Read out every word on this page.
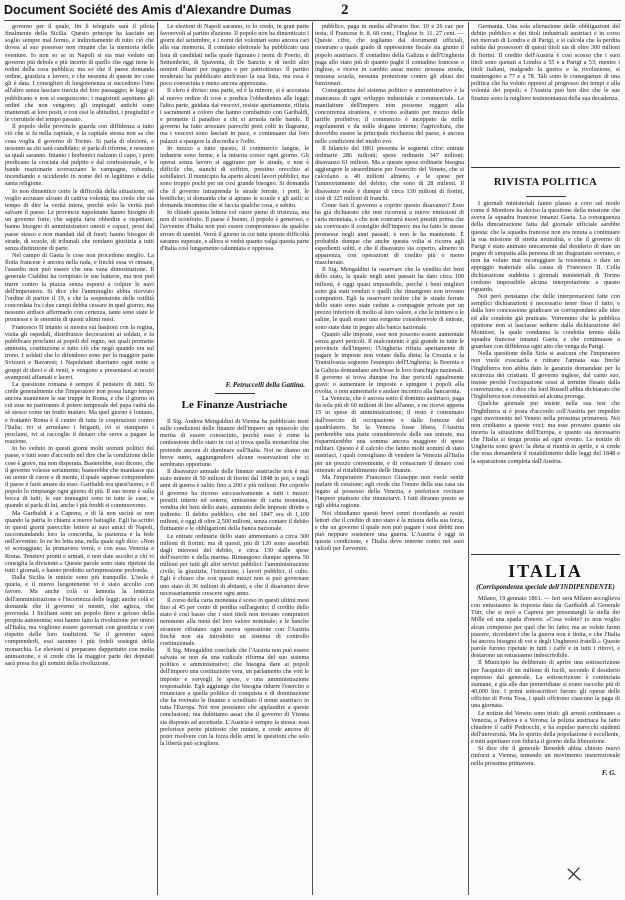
Document Société des Amis d'Alexandre Dumas	2

governo per il quale, fin il telegrafo sarà il pilota finalmente della Sicilia. Questo principe ha lasciato un soglio sempre mal fermo, e indirettamente di tutto ciò che dovea al suo possesso non rimane che la memoria delle sventure. Io non so se in Napoli si sia mai veduto un governo più debole e più incerto di quello che oggi tiene le redini della cosa pubblica; ma so che il paese domanda ordine, giustizia e lavoro, e che nessuna di queste tre cose gli è data. I consiglieri di luogotenenza si succedono l'uno all'altro senza lasciare traccia del loro passaggio; le leggi si pubblicano e non si eseguiscono; i magistrati aspettano gli ordini che non vengono; gli impiegati antichi sono mantenuti ai loro posti, e con essi le abitudini, i pregiudizi e le corruttele del tempo passato.

Il popolo delle provincie guarda con diffidenza a tutto ciò che si fa nella capitale, e la capitale stessa non sa che cosa voglia il governo di Torino. Si parla di elezioni, e nessuno sa chi sarà candidato; si parla di riforme, e nessuno sa quali saranno. Intanto i borbonici rialzano il capo, i preti predicano la crociata dal pulpito e dal confessionale, e le bande reazionarie scorrazzano le campagne, rubando, incendiando e uccidendo in nome del re legittimo e della santa religione.

Io non dimentico certo le difficoltà della situazione, nè voglio accusare alcuno di cattiva volontà; ma credo che sia tempo di dire la verità intera, perchè solo la verità può salvare il paese. Le provincie napoletane hanno bisogno di un governo forte, che sappia farsi obbedire e rispettare; hanno bisogno di amministratori onesti e capaci, presi dal paese stesso e non mandati dal di fuori; hanno bisogno di strade, di scuole, di tribunali che rendano giustizia a tutti senza distinzione di parte.

Nel campo di Gaeta le cose non procedono meglio. La flotta francese è ancora nella rada, e finchè essa vi rimane, l'assedio non può essere che una vana dimostrazione. Il generale Cialdini ha compiuto le sue batterie, ma non può trarre contro la piazza senza esporsi a colpire le navi dell'imperatore. Si dice che l'ammiraglio abbia ricevuto l'ordine di partire il 19, e che la sospensione delle ostilità concordata fra i due campi debba cessare in quel giorno; ma nessuno ardisce affermarlo con certezza, tante sono state le promesse e le smentite di questi ultimi mesi.

Francesco II intanto si mostra sui bastioni con la regina, visita gli ospedali, distribuisce decorazioni ai soldati, e fa pubblicare proclami ai popoli del regno, nei quali promette amnistia, costituzione e tutto ciò che negò quando era sul trono. I soldati che lo difendono sono per la maggior parte Svizzeri e Bavaresi; i Napoletani disertano ogni notte a gruppi di dieci e di venti, e vengono a presentarsi ai nostri avamposti affamati e laceri.

La questione romana è sempre il pensiero di tutti. Si crede generalmente che l'imperatore non possa lungo tempo ancora mantenere le sue truppe in Roma, e che il giorno in cui esse ne partiranno il potere temporale del papa cadrà da sè stesso come un frutto maturo. Ma quel giorno è lontano, e frattanto Roma è il centro di tutte le cospirazioni contro l'Italia; ivi si arruolano i briganti, ivi si stampano i proclami, ivi si raccoglie il denaro che serve a pagare la reazione.

Io ho veduto in questi giorni molti uomini politici del paese, e tutti sono d'accordo nel dire che la condizione delle cose è grave, ma non disperata. Basterebbe, essi dicono, che il governo volesse seriamente; basterebbe che mandasse qui un uomo di cuore e di mente, il quale sapesse comprendere il paese e farsi amare da esso. Garibaldi era quest'uomo, e il popolo lo rimpiange ogni giorno di più. Il suo nome è sulla bocca di tutti; le sue immagini sono in tutte le case; e quando si parla di lui, anche i più freddi si commuovono.

Ma Garibaldi è a Caprera, e di là non uscirà se non quando la patria lo chiami a nuove battaglie. Egli ha scritto in questi giorni parecchie lettere ai suoi amici di Napoli, raccomandando loro la concordia, la pazienza e la fede nell'avvenire. Io ne ho letta una, nella quale egli dice: «Non vi scoraggiate; la primavera verrà, e con essa Venezia e Roma. Tenetevi pronti e armati, e non date ascolto a chi vi consiglia la divisione.» Queste parole sono state ripetute da tutti i giornali, e hanno prodotto un'impressione profonda.

Dalla Sicilia le notizie sono più tranquille. L'isola è quieta, e il nuovo luogotenente vi è stato accolto con favore. Ma anche colà si lamenta la lentezza dell'amministrazione e l'incertezza delle leggi; anche colà si domanda che il governo si mostri, che agisca, che provveda. I Siciliani sono un popolo fiero e geloso della propria autonomia; essi hanno fatto la rivoluzione per unirsi all'Italia, ma vogliono essere governati con giustizia e con rispetto delle loro tradizioni. Se il governo saprà comprenderli, essi saranno i più fedeli sostegni della monarchia. Le elezioni si preparano dappertutto con molta animazione, e si crede che la maggior parte dei deputati sarà presa fra gli uomini della rivoluzione.

Le elezioni di Napoli saranno, io lo credo, in gran parte favorevoli al partito d'azione. Il popolo non ha dimenticato i giorni del settembre, e i nomi dei volontari sono ancora cari alla sua memoria. Il comitato elettorale ha pubblicato una lista di candidati nella quale figurano i nomi di Poerio, di Settembrini, di Spaventa, di De Sanctis e di molti altri uomini illustri per ingegno e per patriottismo. Il partito moderato ha pubblicato anch'esso la sua lista, ma essa è poco conosciuta e meno ancora apprezzata.

Il clero è diviso: una parte, ed è la minore, si è accostata al nuovo ordine di cose e predica l'obbedienza alle leggi; l'altra parte, guidata dai vescovi, resiste apertamente, rifiuta i sacramenti a coloro che hanno combattuto con Garibaldi, e promette il paradiso a chi si arruola nelle bande. Il governo ha fatto arrestare parecchi preti colti in flagrante, ma i vescovi sono lasciati in pace, e continuano dai loro palazzi a spargere la discordia e l'odio.

In mezzo a tutto questo, il commercio langue, le industrie sono ferme, e la miseria cresce ogni giorno. Gli operai senza lavoro si aggirano per le strade, e non è difficile che, stanchi di soffrire, prestino orecchio ai sobillatori. Il municipio ha aperto alcuni lavori pubblici, ma sono troppo pochi per un così grande bisogno. Si domanda che il governo intraprenda le strade ferrate, i porti, le bonifiche; si domanda che si aprano le scuole e gli asili; si domanda insomma che si faccia qualche cosa, e subito.

Io chiudo questa lettera col cuore pieno di tristezza, ma non di sconforto. Il paese è buono, il popolo è generoso, e l'avvenire d'Italia non può essere compromesso da qualche errore di uomini. Verrà il giorno in cui tutte queste difficoltà saranno superate, e allora si vedrà quanto valga questa parte d'Italia così lungamente calunniata e oppressa.

F. Petruccelli della Gattina.
Le Finanze Austriache

Il Sig. Andrea Mengaldini di Vienna ha pubblicato testè sulle condizioni delle finanze dell'impero un opuscolo che merita di essere conosciuto, perchè esso è come la confessione dello stato in cui si trova quella monarchia che pretende ancora di dominare sull'Italia. Noi ne diamo un breve sunto, aggiungendovi alcune osservazioni che ci sembrano opportune.

Il disavanzo annuale delle finanze austriache non è mai stato minore di 50 milioni di fiorini dal 1848 in poi, e negli anni di guerra è salito fino a 200 e più milioni. Per coprirlo il governo ha ricorso successivamente a tutti i mezzi: prestiti interni ed esterni, emissione di carta monetata, vendita dei beni dello stato, aumento delle imposte dirette e indirette. Il debito pubblico, che nel 1847 era di 1,100 milioni, è oggi di oltre 2,500 milioni, senza contare il debito fluttuante e le obbligazioni della banca nazionale.

Le entrate ordinarie dello stato ammontano a circa 300 milioni di fiorini; ma di questi, più di 120 sono assorbiti dagli interessi del debito, e circa 130 dalle spese dell'esercito e della marina. Rimangono dunque appena 50 milioni per tutti gli altri servizi pubblici: l'amministrazione civile, la giustizia, l'istruzione, i lavori pubblici, il culto. Egli è chiaro che con questi mezzi non si può governare uno stato di 36 milioni di abitanti, e che il disavanzo deve necessariamente crescere ogni anno.

Il corso della carta monetata è sceso in questi ultimi mesi fino al 45 per cento di perdita sull'argento; il credito dello stato è così basso che i suoi titoli non trovano compratori nemmeno alla metà del loro valore nominale; e le banche straniere rifiutano ogni nuova operazione con l'Austria finchè non sia introdotto un sistema di controllo costituzionale.

Il Sig. Mengaldini conclude che l'Austria non può essere salvata se non da una radicale riforma del suo sistema politico e amministrativo; che bisogna dare ai popoli dell'impero una costituzione vera, un parlamento che voti le imposte e sorvegli le spese, e una amministrazione responsabile. Egli aggiunge che bisogna ridurre l'esercito e rinunciare a quella politica di conquista e di dominazione che ha rovinato le finanze e screditato il nome austriaco in tutta l'Europa. Noi non possiamo che applaudire a queste conclusioni; ma dubitiamo assai che il governo di Vienna sia disposto ad accettarle. L'Austria è sempre la stessa: essa preferisce perire piuttosto che mutare, e crede ancora di poter risolvere con la forza delle armi le questioni che solo la libertà può sciogliere.

pubblico, paga in media all'erario fior. 10 e 26 car. per testa; il Francese fr. 8. 60 cent.; l'Inglese fr. 11. 27 cent. — Queste cifre, che togliamo dai documenti ufficiali, mostrano a quale grado di oppressione fiscale sia giunto il popolo austriaco. Il contadino della Galizia e dell'Ungheria paga allo stato più di quanto paghi il contadino francese o inglese, e riceve in cambio assai meno: nessuna strada, nessuna scuola, nessuna protezione contro gli abusi dei funzionari.

Conseguenza del sistema politico e amministrativo è la mancanza di ogni sviluppo industriale e commerciale. Le manifatture dell'impero non possono reggere alla concorrenza straniera, e vivono soltanto per mezzo delle tariffe proibitive; il commercio è inceppato da mille regolamenti e da mille dogane interne; l'agricoltura, che dovrebbe essere la principale ricchezza del paese, è ancora nelle condizioni del medio evo.

Il bilancio del 1861 presenta le seguenti cifre: entrate ordinarie 286 milioni; spese ordinarie 347 milioni; disavanzo 61 milioni. Ma a queste spese ordinarie bisogna aggiungere le straordinarie per l'esercito del Veneto, che si calcolano a 40 milioni almeno, e le spese per l'ammortamento del debito, che sono di 28 milioni. Il disavanzo reale è dunque di circa 130 milioni di fiorini, cioè di 325 milioni di franchi.

Come farà il governo a coprire questo disavanzo? Esso ha già dichiarato che non ricorrerà a nuove emissioni di carta monetata, e che non contrarrà nuovi prestiti prima che sia convocato il consiglio dell'impero; ma ha fatto le stesse promesse negli anni passati, e non le ha mantenute. È probabile dunque che anche questa volta si ricorra agli espedienti soliti, e che il disavanzo sia coperto, almeno in apparenza, con operazioni di credito più o meno mascherate.

Il Sig. Mengaldini fa osservare che la vendita dei beni dello stato, la quale negli anni passati ha dato circa 100 milioni, è oggi quasi impossibile, perchè i beni migliori sono già stati venduti e quelli che rimangono non trovano compratori. Egli fa osservare inoltre che le strade ferrate dello stato sono state cedute a compagnie private per un prezzo inferiore di molto al loro valore, e che le miniere e le saline, le quali erano una sorgente considerevole di entrate, sono state date in pegno alla banca nazionale.

Quanto alle imposte, esse non possono essere aumentate senza gravi pericoli. Il malcontento è già grande in tutte le provincie dell'impero; l'Ungheria rifiuta apertamente di pagare le imposte non votate dalla dieta; la Croazia e la Transilvania seguono l'esempio dell'Ungheria; la Boemia e la Galizia domandano anch'esse le loro franchigie nazionali. Il governo si trova dunque fra due pericoli egualmente gravi: o aumentare le imposte e spingere i popoli alla rivolta, o non aumentarle e andare incontro alla bancarotta.

La Venezia, che è ancora sotto il dominio austriaco, paga da sola più di 60 milioni di lire all'anno, e ne riceve appena 15 in spese di amministrazione; il resto è consumato dall'esercito di occupazione e dalle fortezze del quadrilatero. Se la Venezia fosse libera, l'Austria perderebbe una parte considerevole delle sue entrate, ma risparmierebbe una somma ancora maggiore di spese militari. Questo è il calcolo che fanno molti uomini di stato austriaci, i quali consigliano di vendere la Venezia all'Italia per un prezzo conveniente, e di consacrare il denaro così ottenuto al ristabilimento delle finanze.

Ma l'imperatore Francesco Giuseppe non vuole sentir parlare di cessione; egli crede che l'onore della sua casa sia legato al possesso della Venezia, e preferisce rovinare l'impero piuttosto che rinunziarvi. I fatti diranno presto se egli abbia ragione.

Noi chiudiamo questi brevi cenni ricordando ai nostri lettori che il credito di uno stato è la misura della sua forza, e che un governo il quale non può pagare i suoi debiti non può neppure sostenere una guerra. L'Austria è oggi in questa condizione, e l'Italia deve tenerne conto nei suoi calcoli per l'avvenire.

Germania. Una sola alienazione delle obbligazioni del debito pubblico e dei titoli industriali austriaci è in corso nei mercati di Londra e di Parigi, e si calcola che la perdita subita dai possessori di questi titoli sia di oltre 300 milioni di fiorini. Il credito dell'Austria è così scosso che i suoi titoli sono quotati a Londra a 55 e a Parigi a 53; mentre i titoli italiani, malgrado la guerra e la rivoluzione, si mantengono a 77 e a 78. Tali sono le conseguenze di una politica che ha voluto opporsi al progresso dei tempi e alla volontà dei popoli; e l'Austria può ben dire che le sue finanze sono la migliore testimonianza della sua decadenza.

RIVISTA POLITICA

I giornali ministeriali fanno plauso a coro sul modo come il Monitore ha deciso la questione della missione che aveva la squadra francese innanzi Gaeta. La conseguenza della dimostrazione fatta dal giornale ufficiale sarebbe questa: che la squadra francese non era tenuta a continuare la sua missione di stretta neutralità, e che il governo di Parigi è stato animato unicamente dal desiderio di dare un pegno di simpatia alla persona di un disgraziato sovrano, e non ha voluto mai incoraggiare la resistenza o dare un appoggio materiale alla causa di Francesco II. Colla dichiarazione suddetta i giornali ministeriali di Torino credono impossibile alcuna interpretazione a questo riguardo.

Noi però pensiamo che delle interpretazioni fatte con semplici dichiarazioni è necessario tener fisso il fatto, e dalla loro concessione giudicare se corrispondano alle idee ed alle condotte già praticate. Vorremmo che la pubblica opinione non si lasciasse sedurre dalla dichiarazione del Monitore, la quale condanna la condotta tenuta dalla squadra francese innanzi Gaeta, e che continuasse a guardare con diffidenza ogni atto che venga da Parigi.

Nella questione della Siria si assicura che l'imperatore non vuole evacuarla e ritirare l'armata sua finchè l'Inghilterra non abbia dato le garanzie domandate per la sicurezza dei cristiani. Il governo inglese, dal canto suo, insiste perchè l'occupazione cessi al termine fissato dalla convenzione, e si dice che lord Russell abbia dichiarato che l'Inghilterra non consentirà ad alcuna proroga.

Qualche giornale pur insiste nella sua tesi che l'Inghilterra si è posta d'accordo coll'Austria per impedire ogni movimento nel Veneto nella prossima primavera. Noi non crediamo a queste voci; ma esse provano quanto sia incerta la situazione dell'Europa, e quanto sia necessario che l'Italia si tenga pronta ad ogni evento. Le notizie di Ungheria sono gravi: la dieta si riunirà in aprile, e si crede che essa domanderà il ristabilimento delle leggi del 1848 e la separazione completa dall'Austria.

ITALIA
(Corrispondenza speciale dell'INDIPENDENTE)

Milano, 19 gennaio 1861. — Ieri sera Milano accoglieva con entusiasmo la risposta data da Garibaldi al Generale Türr, che si recò a Caprera per presentargli la stella dei Mille ed una spada d'onore. «Cosa volete? io non voglio alcun compenso per quel che ho fatto; ma se volete farmi piacere, ricordatevi che la guerra non è finita, e che l'Italia ha ancora bisogno di voi e degli Ungheresi fratelli.» Queste parole furono ripetute in tutti i caffè e in tutti i ritrovi, e destarono un entusiasmo indescrivibile.

Il Municipio ha deliberato di aprire una sottoscrizione per l'acquisto di un milione di fucili, secondo il desiderio espresso dal generale. La sottoscrizione è cominciata stamane, e già alle due pomeridiane si erano raccolte più di 40,000 lire. I primi sottoscrittori furono gli operai delle officine di Porta Tosa, i quali offrirono ciascuno la paga di una giornata.

Le notizie del Veneto sono tristi: gli arresti continuano a Venezia, a Padova e a Verona; la polizia austriaca ha fatto chiudere il caffè Pedrocchi, e ha espulso parecchi studenti dell'università. Ma lo spirito della popolazione è eccellente, e tutti aspettano con fiducia il giorno della liberazione.

Si dice che il generale Benedek abbia chiesto nuovi rinforzi a Vienna, temendo un movimento insurrezionale nella prossima primavera.

F. G.
